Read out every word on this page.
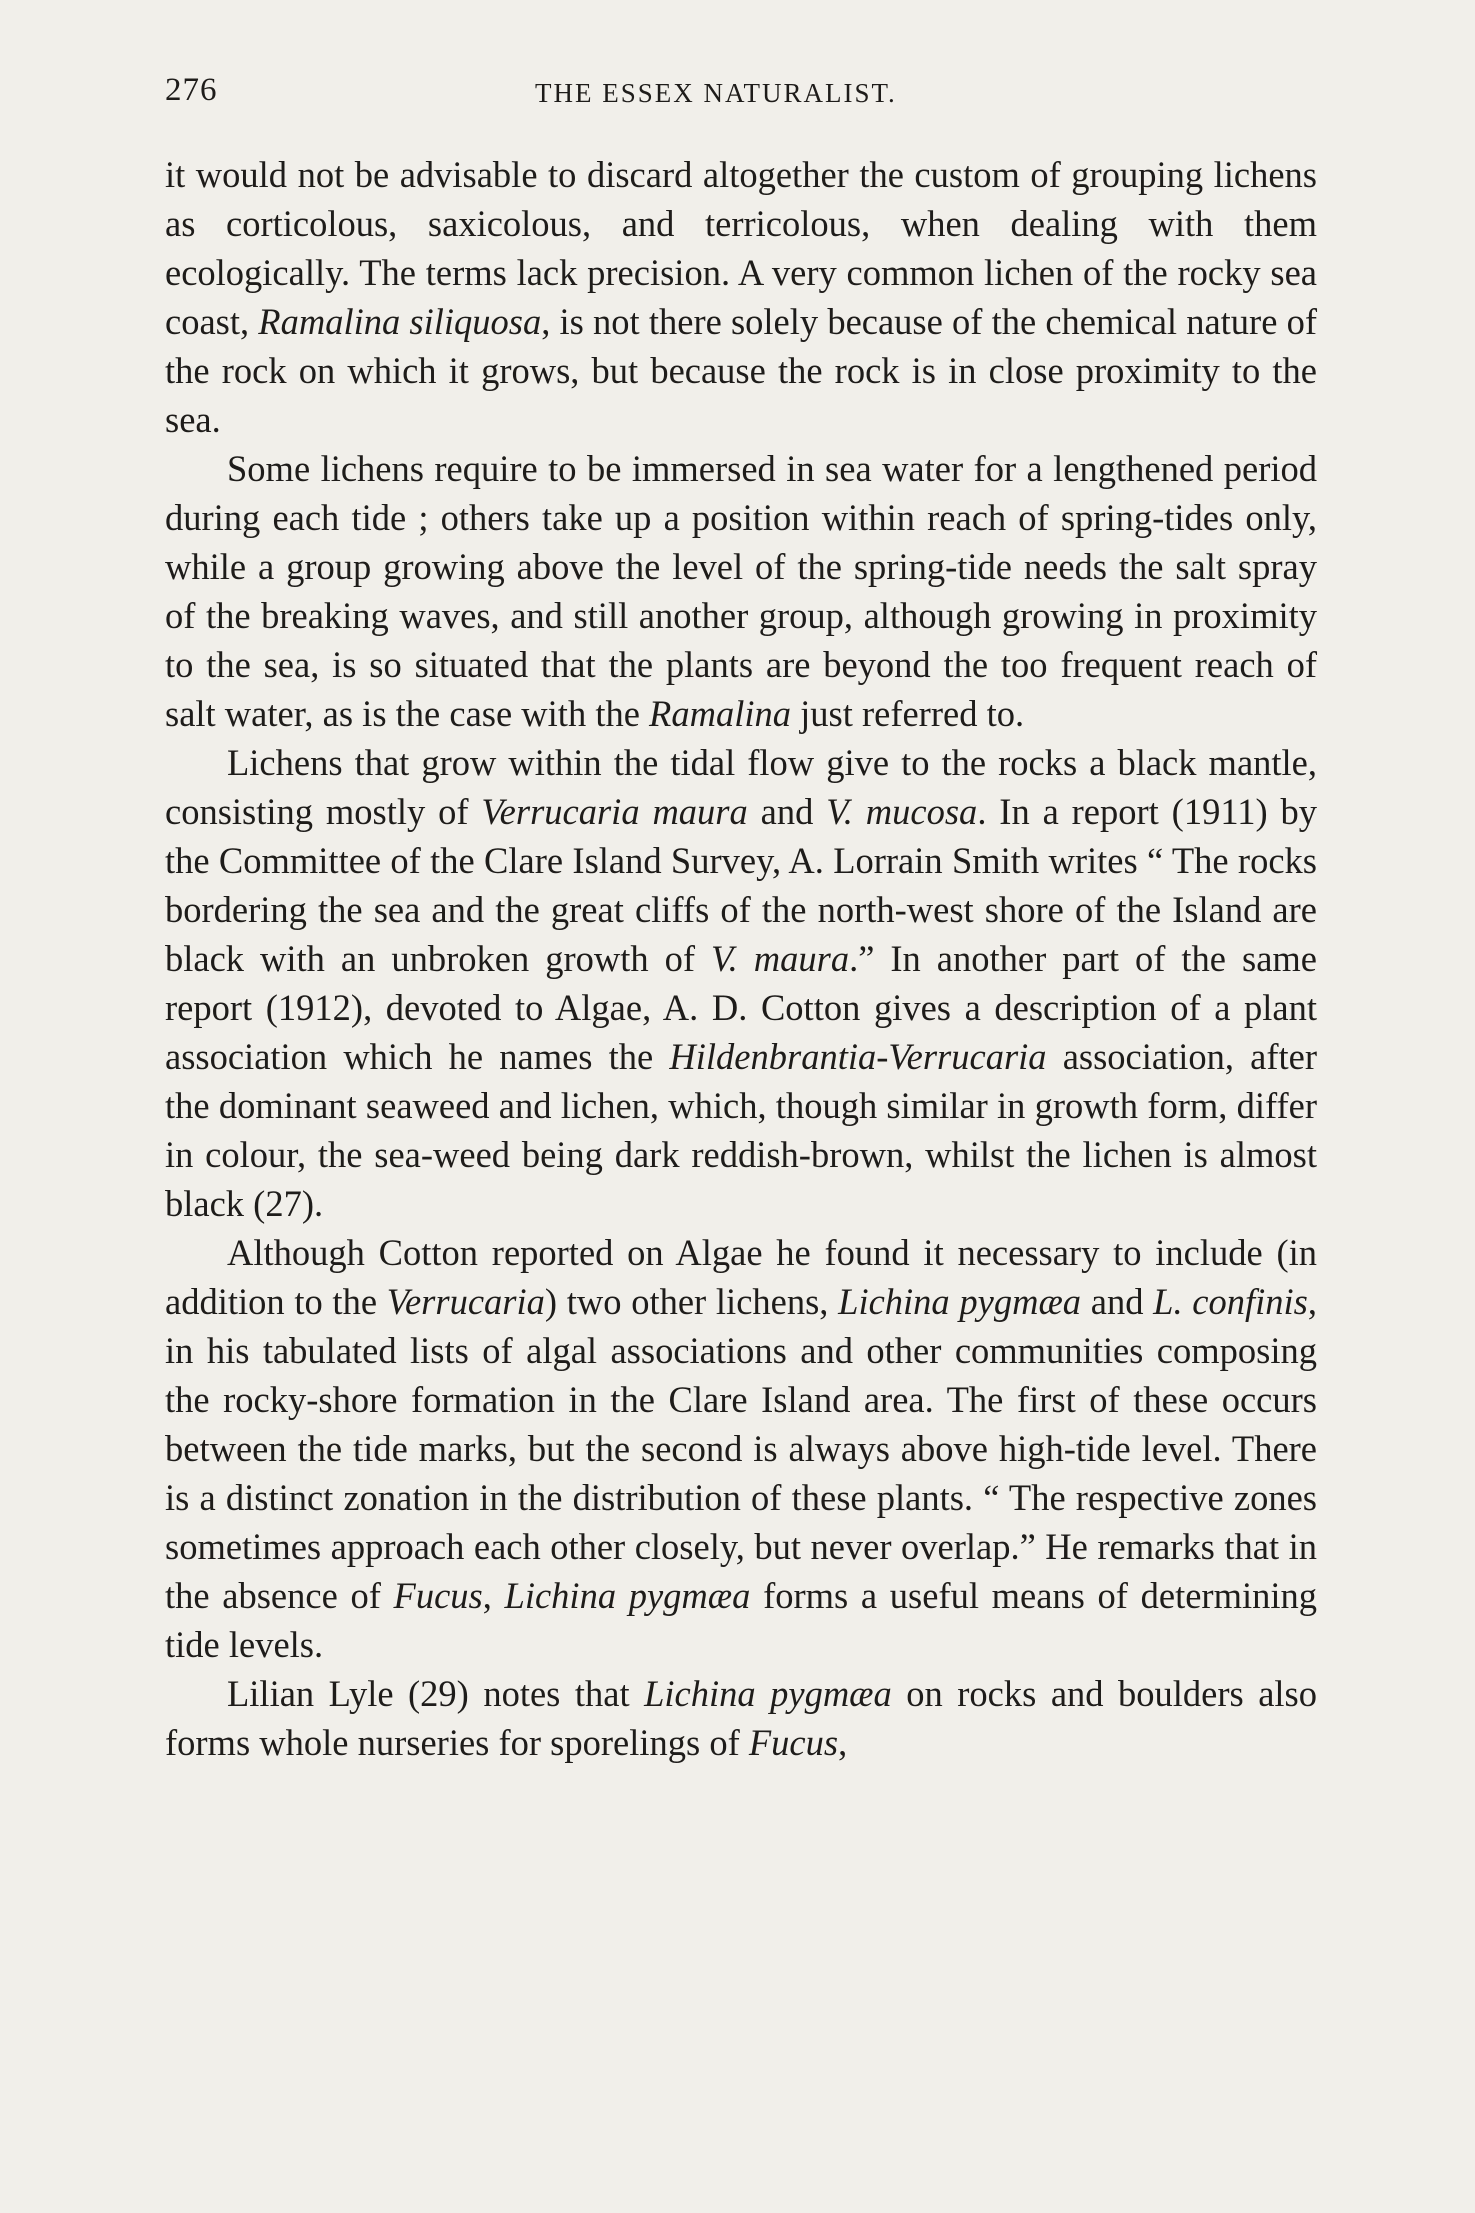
276	THE ESSEX NATURALIST.

it would not be advisable to discard altogether the custom of grouping lichens as corticolous, saxicolous, and terricolous, when dealing with them ecologically. The terms lack precision. A very common lichen of the rocky sea coast, Ramalina siliquosa, is not there solely because of the chemical nature of the rock on which it grows, but because the rock is in close proximity to the sea.

Some lichens require to be immersed in sea water for a lengthened period during each tide ; others take up a position within reach of spring-tides only, while a group growing above the level of the spring-tide needs the salt spray of the breaking waves, and still another group, although growing in proximity to the sea, is so situated that the plants are beyond the too frequent reach of salt water, as is the case with the Ramalina just referred to.

Lichens that grow within the tidal flow give to the rocks a black mantle, consisting mostly of Verrucaria maura and V. mucosa. In a report (1911) by the Committee of the Clare Island Survey, A. Lorrain Smith writes “ The rocks bordering the sea and the great cliffs of the north-west shore of the Island are black with an unbroken growth of V. maura.” In another part of the same report (1912), devoted to Algae, A. D. Cotton gives a description of a plant association which he names the Hildenbrantia-Verrucaria association, after the dominant seaweed and lichen, which, though similar in growth form, differ in colour, the sea-weed being dark reddish-brown, whilst the lichen is almost black (27).

Although Cotton reported on Algae he found it necessary to include (in addition to the Verrucaria) two other lichens, Lichina pygmæa and L. confinis, in his tabulated lists of algal associations and other communities composing the rocky-shore formation in the Clare Island area. The first of these occurs between the tide marks, but the second is always above high-tide level. There is a distinct zonation in the distribution of these plants. “ The respective zones sometimes approach each other closely, but never overlap.” He remarks that in the absence of Fucus, Lichina pygmæa forms a useful means of determining tide levels.

Lilian Lyle (29) notes that Lichina pygmæa on rocks and boulders also forms whole nurseries for sporelings of Fucus,
